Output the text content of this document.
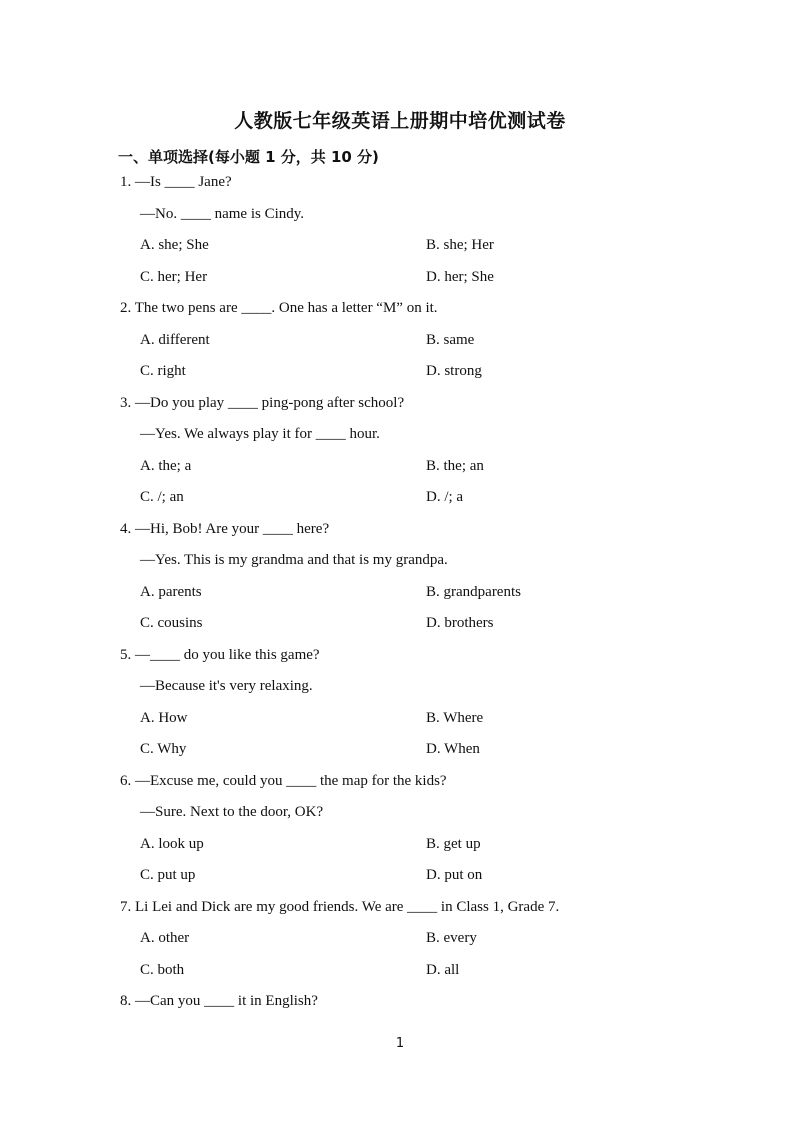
人教版七年级英语上册期中培优测试卷
一、单项选择(每小题 1 分，共 10 分)
1. —Is ____ Jane?
—No. ____ name is Cindy.
A. she; She	B. she; Her
C. her; Her	D. her; She
2. The two pens are ____. One has a letter “M” on it.
A. different	B. same
C. right	D. strong
3. —Do you play ____ ping-pong after school?
—Yes. We always play it for ____ hour.
A. the; a	B. the; an
C. /; an	D. /; a
4. —Hi, Bob! Are your ____ here?
—Yes. This is my grandma and that is my grandpa.
A. parents	B. grandparents
C. cousins	D. brothers
5. —____ do you like this game?
—Because it's very relaxing.
A. How	B. Where
C. Why	D. When
6. —Excuse me, could you ____ the map for the kids?
—Sure. Next to the door, OK?
A. look up	B. get up
C. put up	D. put on
7. Li Lei and Dick are my good friends. We are ____ in Class 1, Grade 7.
A. other	B. every
C. both	D. all
8. —Can you ____ it in English?
1
